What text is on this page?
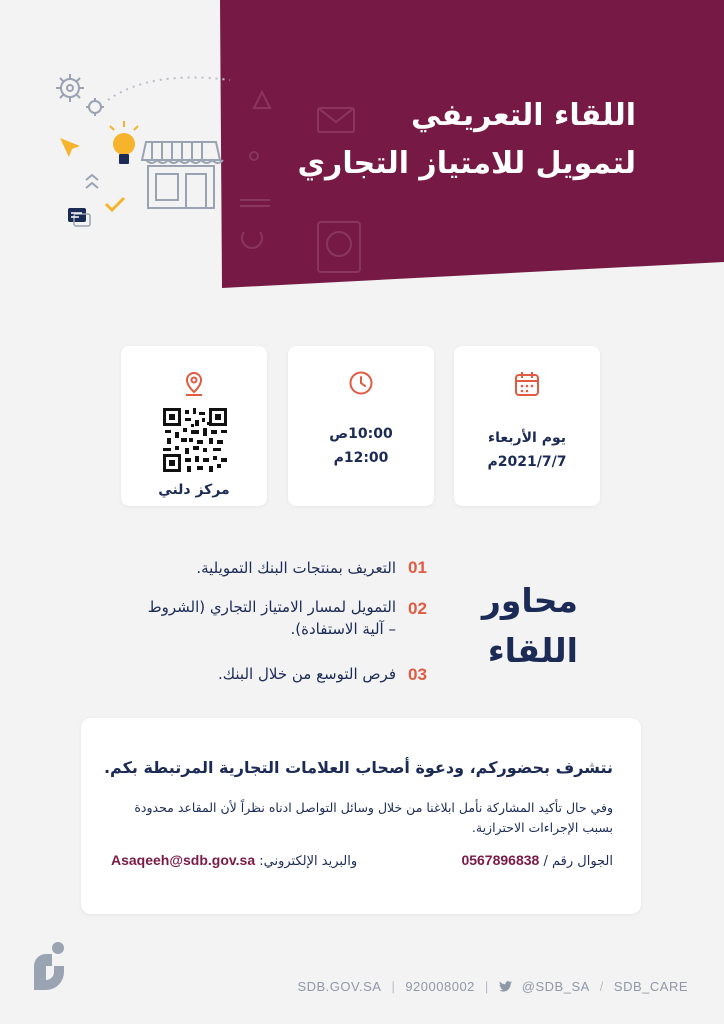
اللقاء التعريفي
لتمويل للامتياز التجاري
يوم الأربعاء
2021/7/7م
10:00ص
12:00م
مركز دلني
محاور
اللقاء
01
التعريف بمنتجات البنك التمويلية.
02
التمويل لمسار الامتياز التجاري (الشروط – آلية الاستفادة).
03
فرص التوسع من خلال البنك.
نتشرف بحضوركم، ودعوة أصحاب العلامات التجارية المرتبطة بكم.
وفي حال تأكيد المشاركة نأمل ابلاغنا من خلال وسائل التواصل ادناه نظراً لأن المقاعد محدودة بسبب الإجراءات الاحترازية.
الجوال رقم / 0567896838
والبريد الإلكتروني: Asaqeeh@sdb.gov.sa
SDB.GOV.SA | 920008002 |	@SDB_SA / SDB_CARE
